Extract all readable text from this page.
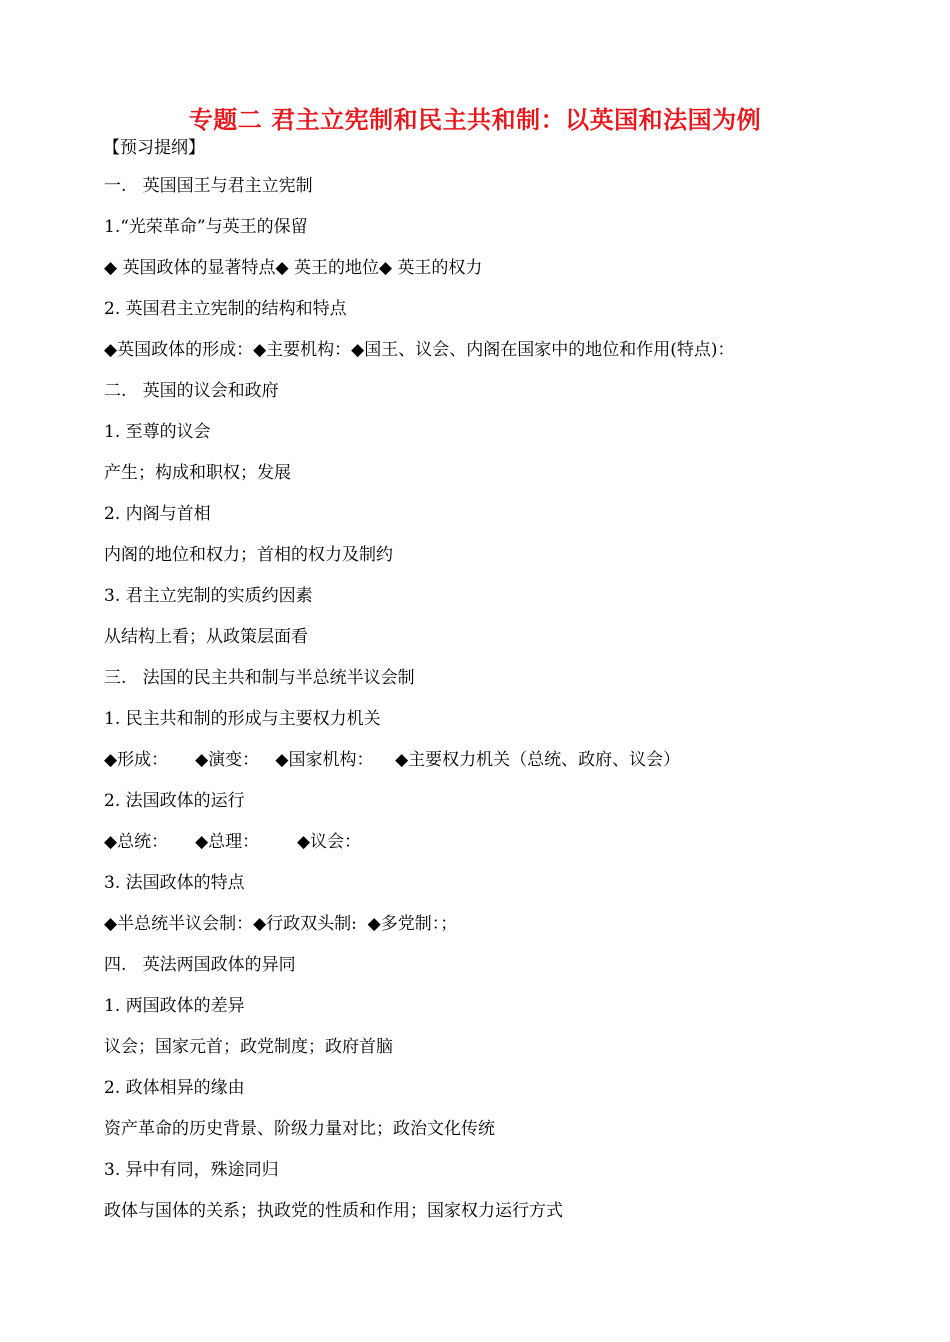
专题二 君主立宪制和民主共和制：以英国和法国为例
【预习提纲】
一.   英国国王与君主立宪制
1.“光荣革命”与英王的保留
◆ 英国政体的显著特点◆ 英王的地位◆ 英王的权力
2. 英国君主立宪制的结构和特点
◆英国政体的形成：◆主要机构：◆国王、议会、内阁在国家中的地位和作用(特点)：
二.   英国的议会和政府
1. 至尊的议会
产生；构成和职权；发展
2. 内阁与首相
内阁的地位和权力；首相的权力及制约
3. 君主立宪制的实质约因素
从结构上看；从政策层面看
三.   法国的民主共和制与半总统半议会制
1. 民主共和制的形成与主要权力机关
◆形成：     ◆演变：   ◆国家机构：    ◆主要权力机关（总统、政府、议会）
2. 法国政体的运行
◆总统：     ◆总理：       ◆议会：
3. 法国政体的特点
◆半总统半议会制：◆行政双头制:  ◆多党制：；
四.   英法两国政体的异同
1. 两国政体的差异
议会；国家元首；政党制度；政府首脑
2. 政体相异的缘由
资产革命的历史背景、阶级力量对比；政治文化传统
3. 异中有同，殊途同归
政体与国体的关系；执政党的性质和作用；国家权力运行方式
